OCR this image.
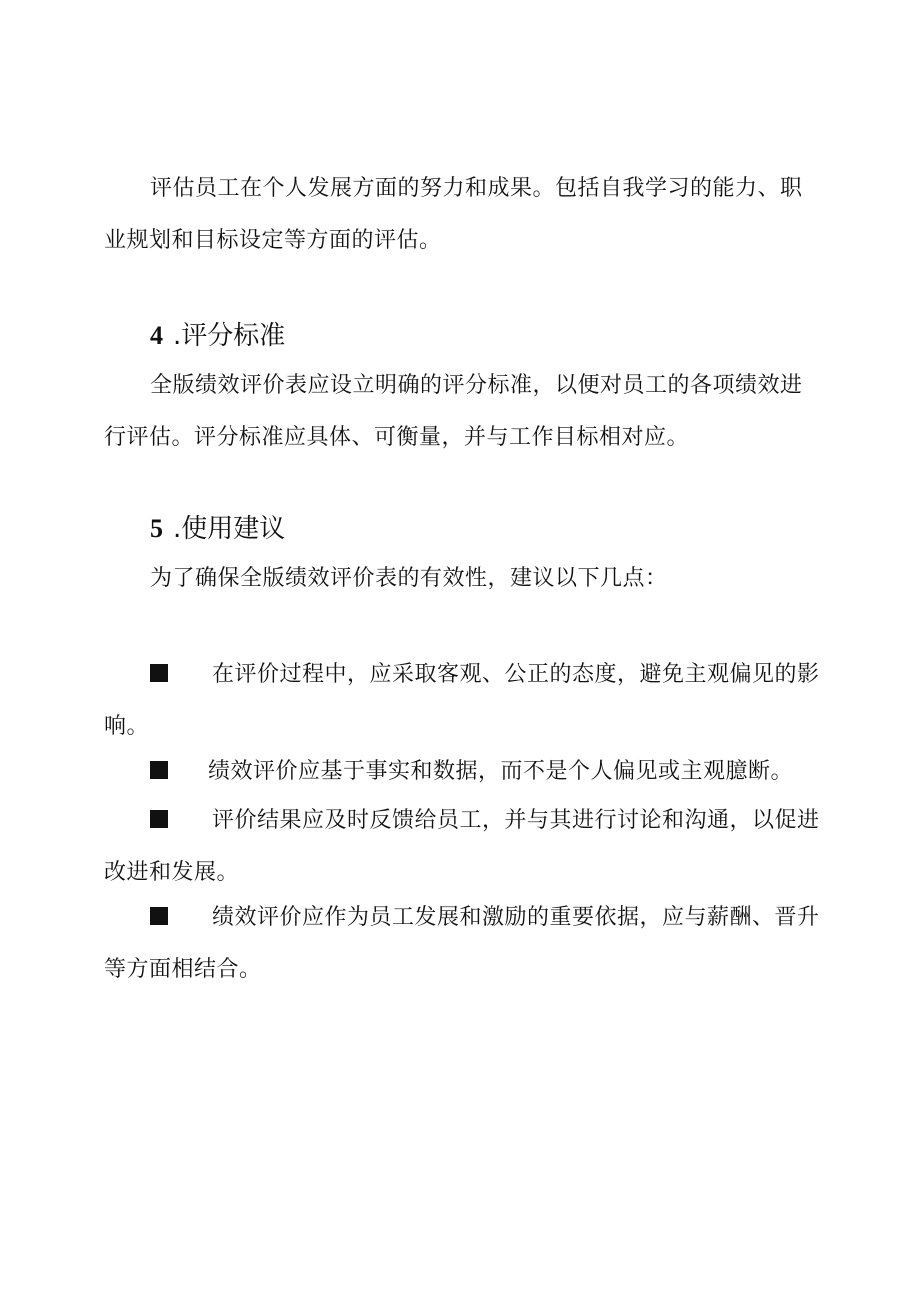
评估员工在个人发展方面的努力和成果。包括自我学习的能力、职业规划和目标设定等方面的评估。

4 .评分标准

全版绩效评价表应设立明确的评分标准，以便对员工的各项绩效进行评估。评分标准应具体、可衡量，并与工作目标相对应。

5 .使用建议

为了确保全版绩效评价表的有效性，建议以下几点：

在评价过程中，应采取客观、公正的态度，避免主观偏见的影响。

绩效评价应基于事实和数据，而不是个人偏见或主观臆断。

评价结果应及时反馈给员工，并与其进行讨论和沟通，以促进改进和发展。

绩效评价应作为员工发展和激励的重要依据，应与薪酬、晋升等方面相结合。
